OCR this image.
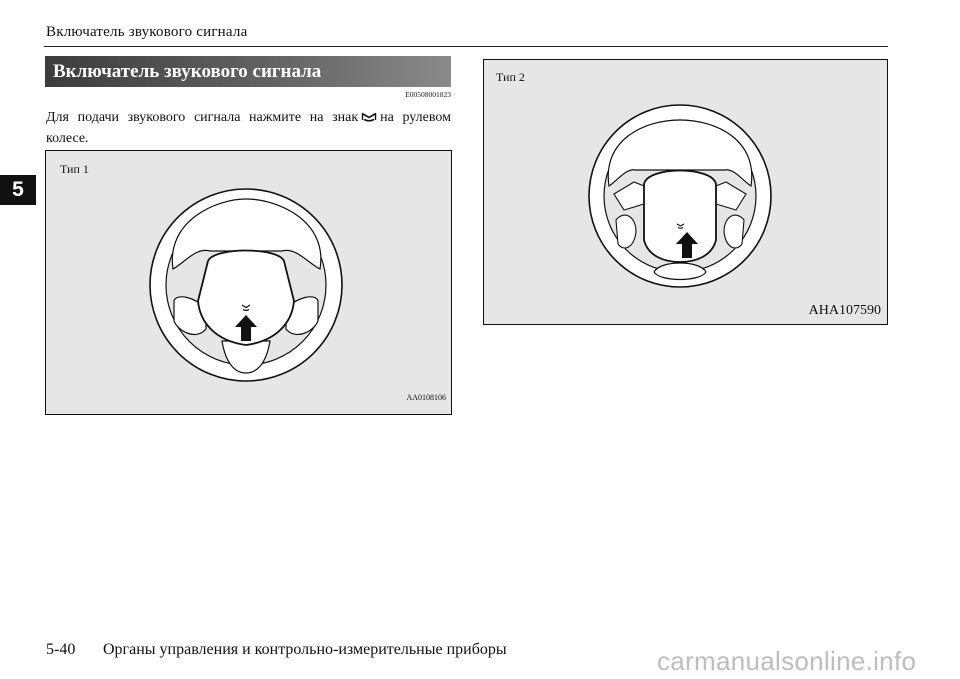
Включатель звукового сигнала
5
Включатель звукового сигнала
E00508001823
Для подачи звукового сигнала нажмите на знак на рулевом колесе.
Тип 1
AA0108106
Тип 2
AHA107590
5-40 Органы управления и контрольно-измерительные приборы	carmanualsonline.info
